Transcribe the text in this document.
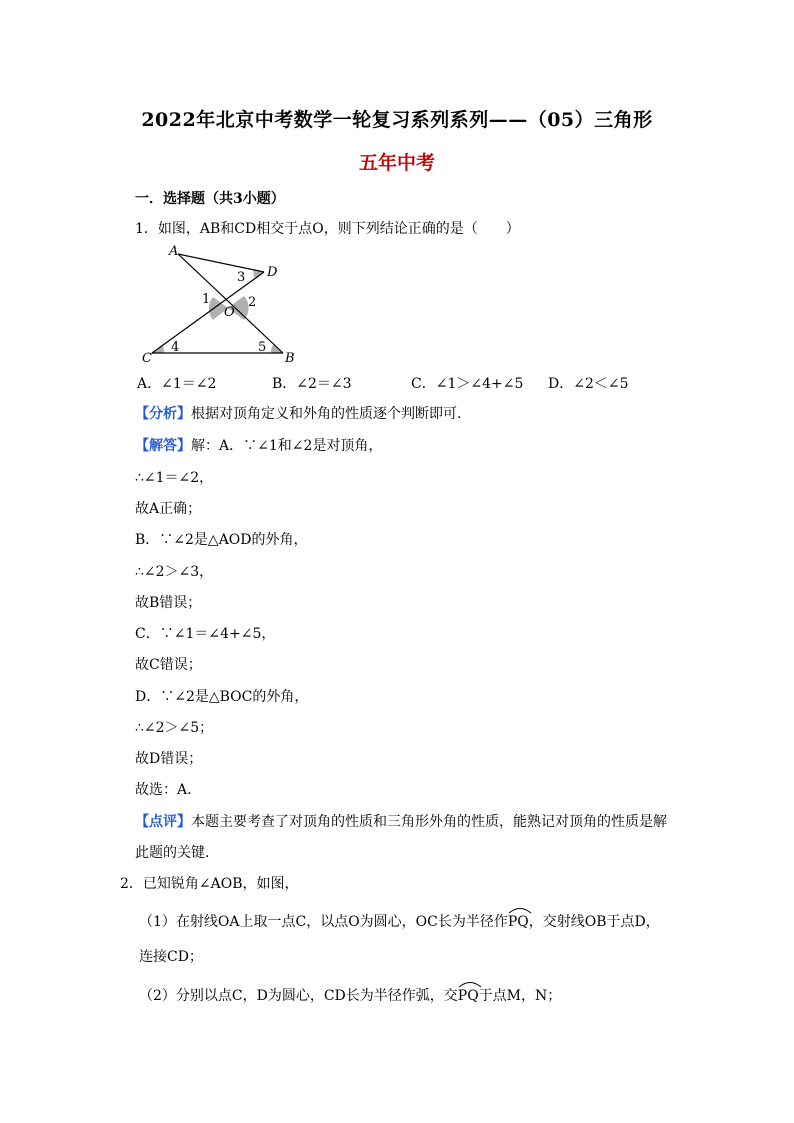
2022年北京中考数学一轮复习系列系列——（05）三角形
五年中考
一．选择题（共3小题）
1．如图，AB和CD相交于点O，则下列结论正确的是（　　）
A
D
O
C	B
1	2
3
4	5
A．∠1＝∠2	B．∠2＝∠3	C．∠1＞∠4+∠5 D．∠2＜∠5
【分析】根据对顶角定义和外角的性质逐个判断即可．
【解答】解：A．∵∠1和∠2是对顶角，
∴∠1＝∠2，
故A正确；
B．∵∠2是△AOD的外角，
∴∠2＞∠3，
故B错误；
C．∵∠1＝∠4+∠5，
故C错误；
D．∵∠2是△BOC的外角，
∴∠2＞∠5；
故D错误；
故选：A．
【点评】本题主要考查了对顶角的性质和三角形外角的性质，能熟记对顶角的性质是解
此题的关键．
2．已知锐角∠AOB，如图，
（1）在射线OA上取一点C，以点O为圆心，OC长为半径作
PQ，交射线OB于点D，
连接CD；
（2）分别以点C，D为圆心，CD长为半径作弧，交
PQ于点M，N；
